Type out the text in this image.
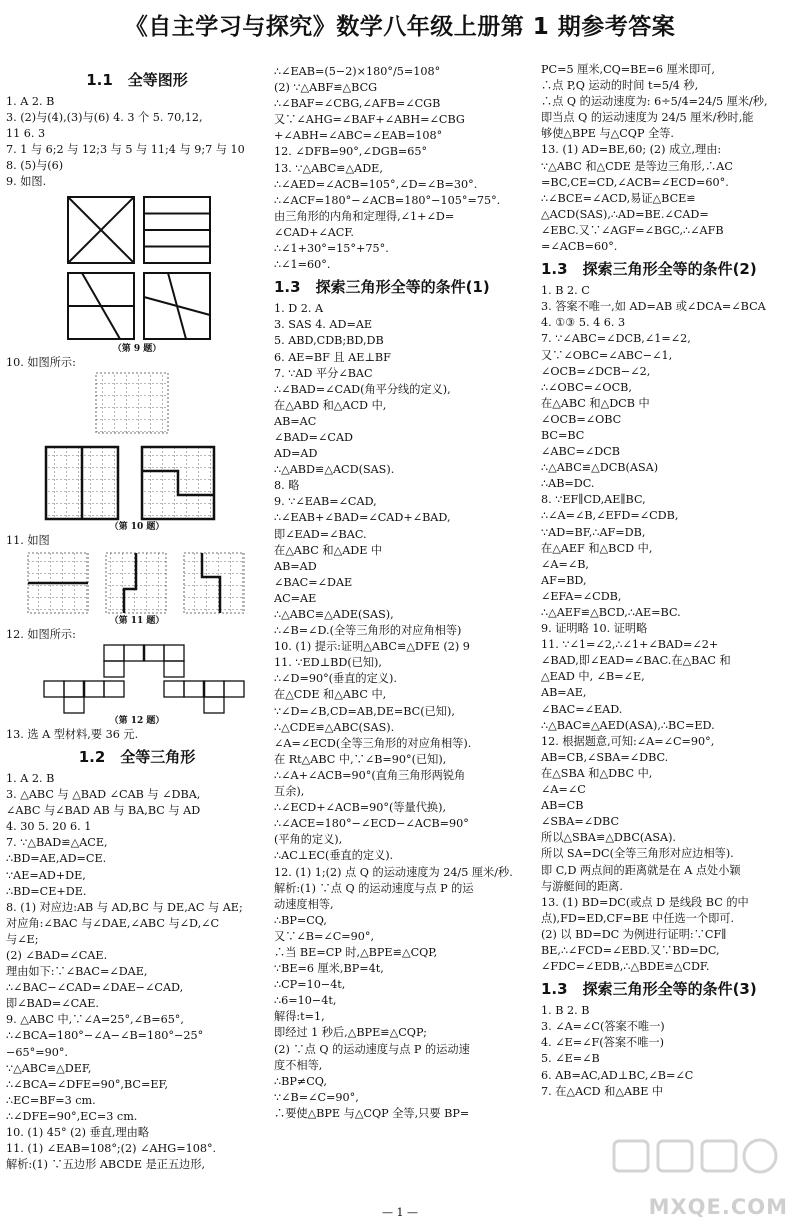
《自主学习与探究》数学八年级上册第 1 期参考答案
1.1　全等图形
1. A 2. B
3. (2)与(4),(3)与(6) 4. 3 个 5. 70,12,
11 6. 3
7. 1 与 6;2 与 12;3 与 5 与 11;4 与 9;7 与 10
8. (5)与(6)
9. 如图.
（第 9 题）
10. 如图所示:
（第 10 题）
11. 如图
（第 11 题）
12. 如图所示:
（第 12 题）
13. 选 A 型材料,要 36 元.
1.2　全等三角形
1. A 2. B
3. △ABC 与 △BAD ∠CAB 与 ∠DBA,
∠ABC 与∠BAD AB 与 BA,BC 与 AD
4. 30 5. 20 6. 1
7. ∵△BAD≌△ACE,
∴BD=AE,AD=CE.
∵AE=AD+DE,
∴BD=CE+DE.
8. (1) 对应边:AB 与 AD,BC 与 DE,AC 与 AE;
对应角:∠BAC 与∠DAE,∠ABC 与∠D,∠C
与∠E;
(2) ∠BAD=∠CAE.
理由如下:∵∠BAC=∠DAE,
∴∠BAC−∠CAD=∠DAE−∠CAD,
即∠BAD=∠CAE.
9. △ABC 中,∵∠A=25°,∠B=65°,
∴∠BCA=180°−∠A−∠B=180°−25°
−65°=90°.
∵△ABC≌△DEF,
∴∠BCA=∠DFE=90°,BC=EF,
∴EC=BF=3 cm.
∴∠DFE=90°,EC=3 cm.
10. (1) 45° (2) 垂直,理由略
11. (1) ∠EAB=108°;(2) ∠AHG=108°.
解析:(1) ∵五边形 ABCDE 是正五边形,
∴∠EAB=(5−2)×180°/5=108°
(2) ∵△ABF≌△BCG
∴∠BAF=∠CBG,∠AFB=∠CGB
又∵∠AHG=∠BAF+∠ABH=∠CBG
+∠ABH=∠ABC=∠EAB=108°
12. ∠DFB=90°,∠DGB=65°
13. ∵△ABC≌△ADE,
∴∠AED=∠ACB=105°,∠D=∠B=30°.
∴∠ACF=180°−∠ACB=180°−105°=75°.
由三角形的内角和定理得,∠1+∠D=
∠CAD+∠ACF.
∴∠1+30°=15°+75°.
∴∠1=60°.
1.3　探索三角形全等的条件(1)
1. D 2. A
3. SAS 4. AD=AE
5. ABD,CDB;BD,DB
6. AE=BF 且 AE⊥BF
7. ∵AD 平分∠BAC
∴∠BAD=∠CAD(角平分线的定义),
在△ABD 和△ACD 中,
AB=AC
∠BAD=∠CAD
AD=AD
∴△ABD≌△ACD(SAS).
8. 略
9. ∵∠EAB=∠CAD,
∴∠EAB+∠BAD=∠CAD+∠BAD,
即∠EAD=∠BAC.
在△ABC 和△ADE 中
AB=AD
∠BAC=∠DAE
AC=AE
∴△ABC≌△ADE(SAS),
∴∠B=∠D.(全等三角形的对应角相等)
10. (1) 提示:证明△ABC≌△DFE (2) 9
11. ∵ED⊥BD(已知),
∴∠D=90°(垂直的定义).
在△CDE 和△ABC 中,
∵∠D=∠B,CD=AB,DE=BC(已知),
∴△CDE≌△ABC(SAS).
∠A=∠ECD(全等三角形的对应角相等).
在 Rt△ABC 中,∵∠B=90°(已知),
∴∠A+∠ACB=90°(直角三角形两锐角
互余),
∴∠ECD+∠ACB=90°(等量代换),
∴∠ACE=180°−∠ECD−∠ACB=90°
(平角的定义),
∴AC⊥EC(垂直的定义).
12. (1) 1;(2) 点 Q 的运动速度为 24/5 厘米/秒.
解析:(1) ∵点 Q 的运动速度与点 P 的运
动速度相等,
∴BP=CQ,
又∵∠B=∠C=90°,
∴当 BE=CP 时,△BPE≌△CQP,
∵BE=6 厘米,BP=4t,
∴CP=10−4t,
∴6=10−4t,
解得:t=1,
即经过 1 秒后,△BPE≌△CQP;
(2) ∵点 Q 的运动速度与点 P 的运动速
度不相等,
∴BP≠CQ,
∵∠B=∠C=90°,
∴要使△BPE 与△CQP 全等,只要 BP=
PC=5 厘米,CQ=BE=6 厘米即可,
∴点 P,Q 运动的时间 t=5/4 秒,
∴点 Q 的运动速度为: 6÷5/4=24/5 厘米/秒,
即当点 Q 的运动速度为 24/5 厘米/秒时,能
够使△BPE 与△CQP 全等.
13. (1) AD=BE,60; (2) 成立,理由:
∵△ABC 和△CDE 是等边三角形,∴AC
=BC,CE=CD,∠ACB=∠ECD=60°.
∴∠BCE=∠ACD,易证△BCE≌
△ACD(SAS),∴AD=BE.∠CAD=
∠EBC.又∵∠AGF=∠BGC,∴∠AFB
=∠ACB=60°.
1.3　探索三角形全等的条件(2)
1. B 2. C
3. 答案不唯一,如 AD=AB 或∠DCA=∠BCA
4. ①③ 5. 4 6. 3
7. ∵∠ABC=∠DCB,∠1=∠2,
又∵∠OBC=∠ABC−∠1,
∠OCB=∠DCB−∠2,
∴∠OBC=∠OCB,
在△ABC 和△DCB 中
∠OCB=∠OBC
BC=BC
∠ABC=∠DCB
∴△ABC≌△DCB(ASA)
∴AB=DC.
8. ∵EF∥CD,AE∥BC,
∴∠A=∠B,∠EFD=∠CDB,
∵AD=BF,∴AF=DB,
在△AEF 和△BCD 中,
∠A=∠B,
AF=BD,
∠EFA=∠CDB,
∴△AEF≌△BCD,∴AE=BC.
9. 证明略 10. 证明略
11. ∵∠1=∠2,∴∠1+∠BAD=∠2+
∠BAD,即∠EAD=∠BAC.在△BAC 和
△EAD 中, ∠B=∠E,
AB=AE,
∠BAC=∠EAD.
∴△BAC≌△AED(ASA),∴BC=ED.
12. 根据题意,可知:∠A=∠C=90°,
AB=CB,∠SBA=∠DBC.
在△SBA 和△DBC 中,
∠A=∠C
AB=CB
∠SBA=∠DBC
所以△SBA≌△DBC(ASA).
所以 SA=DC(全等三角形对应边相等).
即 C,D 两点间的距离就是在 A 点处小颖
与游艇间的距离.
13. (1) BD=DC(或点 D 是线段 BC 的中
点),FD=ED,CF=BE 中任选一个即可.
(2) 以 BD=DC 为例进行证明:∵CF∥
BE,∴∠FCD=∠EBD.又∵BD=DC,
∠FDC=∠EDB,∴△BDE≌△CDF.
1.3　探索三角形全等的条件(3)
1. B 2. B
3. ∠A=∠C(答案不唯一)
4. ∠E=∠F(答案不唯一)
5. ∠E=∠B
6. AB=AC,AD⊥BC,∠B=∠C
7. 在△ACD 和△ABE 中
MXQE.COM
— 1 —
